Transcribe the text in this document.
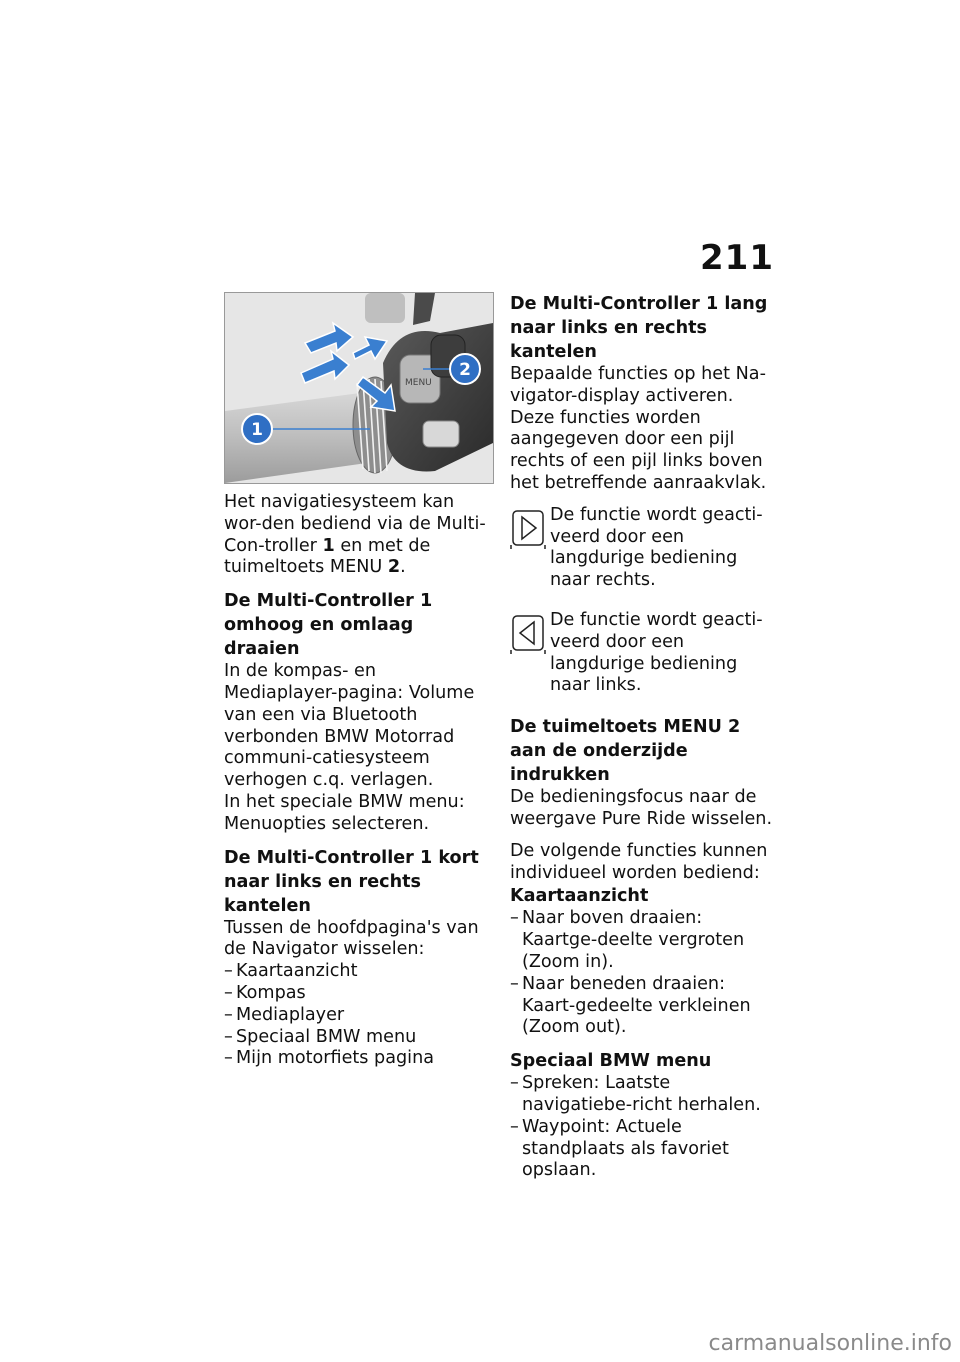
211
MENU
1
2

Het navigatiesysteem kan wor-den bediend via de Multi-Con-troller 1 en met de tuimeltoets MENU 2.

De Multi-Controller 1 omhoog en omlaag draaien

In de kompas- en Mediaplayer-pagina: Volume van een via Bluetooth verbonden BMW Motorrad communi-catiesysteem verhogen c.q. verlagen.

In het speciale BMW menu: Menuopties selecteren.

De Multi-Controller 1 kort naar links en rechts kantelen

Tussen de hoofdpagina's van de Navigator wisselen:

– Kaartaanzicht
– Kompas
– Mediaplayer
– Speciaal BMW menu
– Mijn motorfiets pagina
De Multi-Controller 1 lang naar links en rechts kantelen

Bepaalde functies op het Na-vigator-display activeren. Deze functies worden aangegeven door een pijl rechts of een pijl links boven het betreffende aanraakvlak.

De functie wordt geacti-veerd door een langdurige bediening naar rechts.
De functie wordt geacti-veerd door een langdurige bediening naar links.
De tuimeltoets MENU 2 aan de onderzijde indrukken

De bedieningsfocus naar de weergave Pure Ride wisselen.

De volgende functies kunnen individueel worden bediend:

Kaartaanzicht
– Naar boven draaien: Kaartge-deelte vergroten (Zoom in).
– Naar beneden draaien: Kaart-gedeelte verkleinen (Zoom out).
Speciaal BMW menu
– Spreken: Laatste navigatiebe-richt herhalen.
– Waypoint: Actuele standplaats als favoriet opslaan.
carmanualsonline.info
